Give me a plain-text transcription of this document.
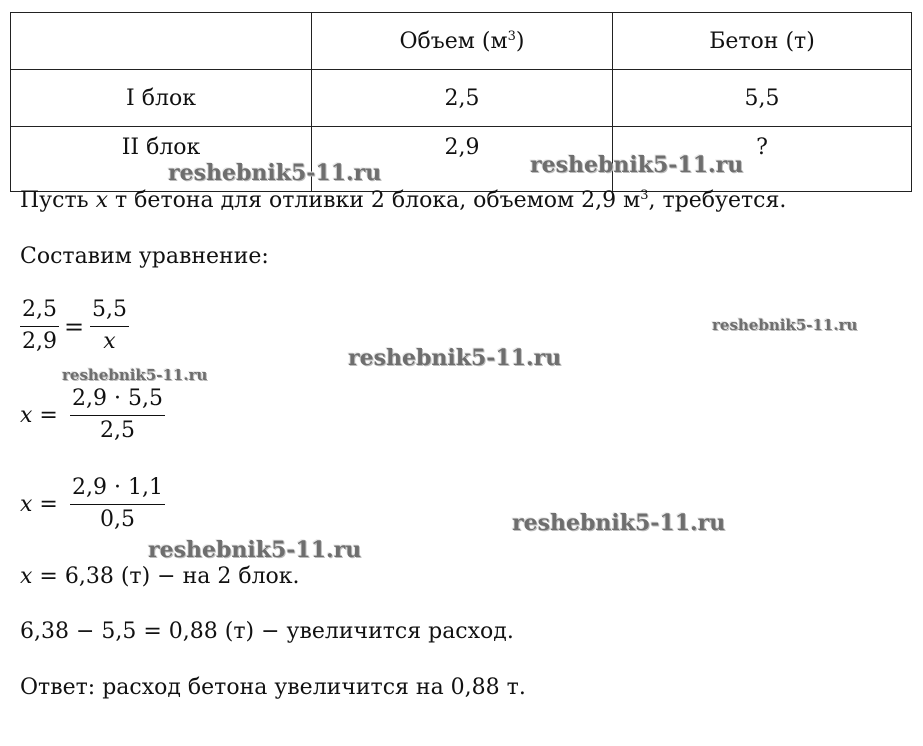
	Объем $(м^3)$	Бетон (т)
I блок	2,5	5,5
II блок	2,9	?
Пусть x т бетона для отливки 2 блока, объемом 2,9 $м^3$, требуется.
Составим уравнение:
2,5
2,9
=
5,5
x
x =
2,9 · 5,5
2,5
x =
2,9 · 1,1
0,5
x = 6,38 (т) − на 2 блок.
6,38 − 5,5 = 0,88 (т) − увеличится расход.
Ответ: расход бетона увеличится на 0,88 т.
reshebnik5-11.ru	reshebnik5-11.ru
reshebnik5-11.ru
reshebnik5-11.ru
reshebnik5-11.ru
reshebnik5-11.ru
reshebnik5-11.ru
